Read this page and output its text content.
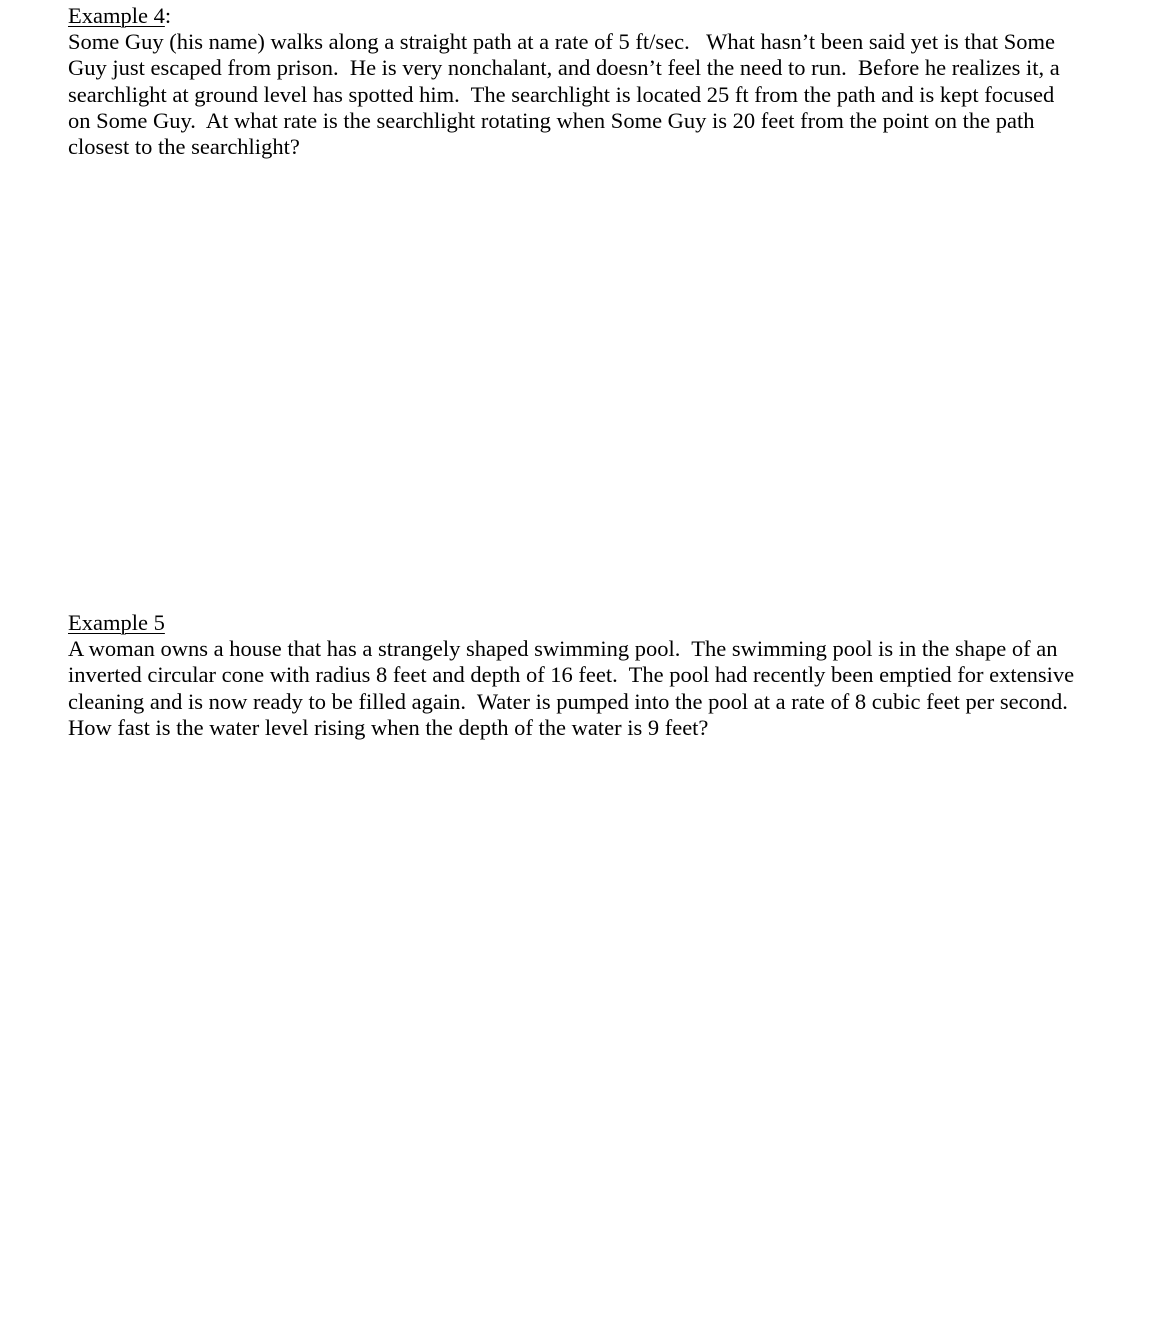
Example 4:

Some Guy (his name) walks along a straight path at a rate of 5 ft/sec.   What hasn’t been said yet is that Some
Guy just escaped from prison.  He is very nonchalant, and doesn’t feel the need to run.  Before he realizes it, a
searchlight at ground level has spotted him.  The searchlight is located 25 ft from the path and is kept focused
on Some Guy.  At what rate is the searchlight rotating when Some Guy is 20 feet from the point on the path
closest to the searchlight?

Example 5

A woman owns a house that has a strangely shaped swimming pool.  The swimming pool is in the shape of an
inverted circular cone with radius 8 feet and depth of 16 feet.  The pool had recently been emptied for extensive
cleaning and is now ready to be filled again.  Water is pumped into the pool at a rate of 8 cubic feet per second.
How fast is the water level rising when the depth of the water is 9 feet?
